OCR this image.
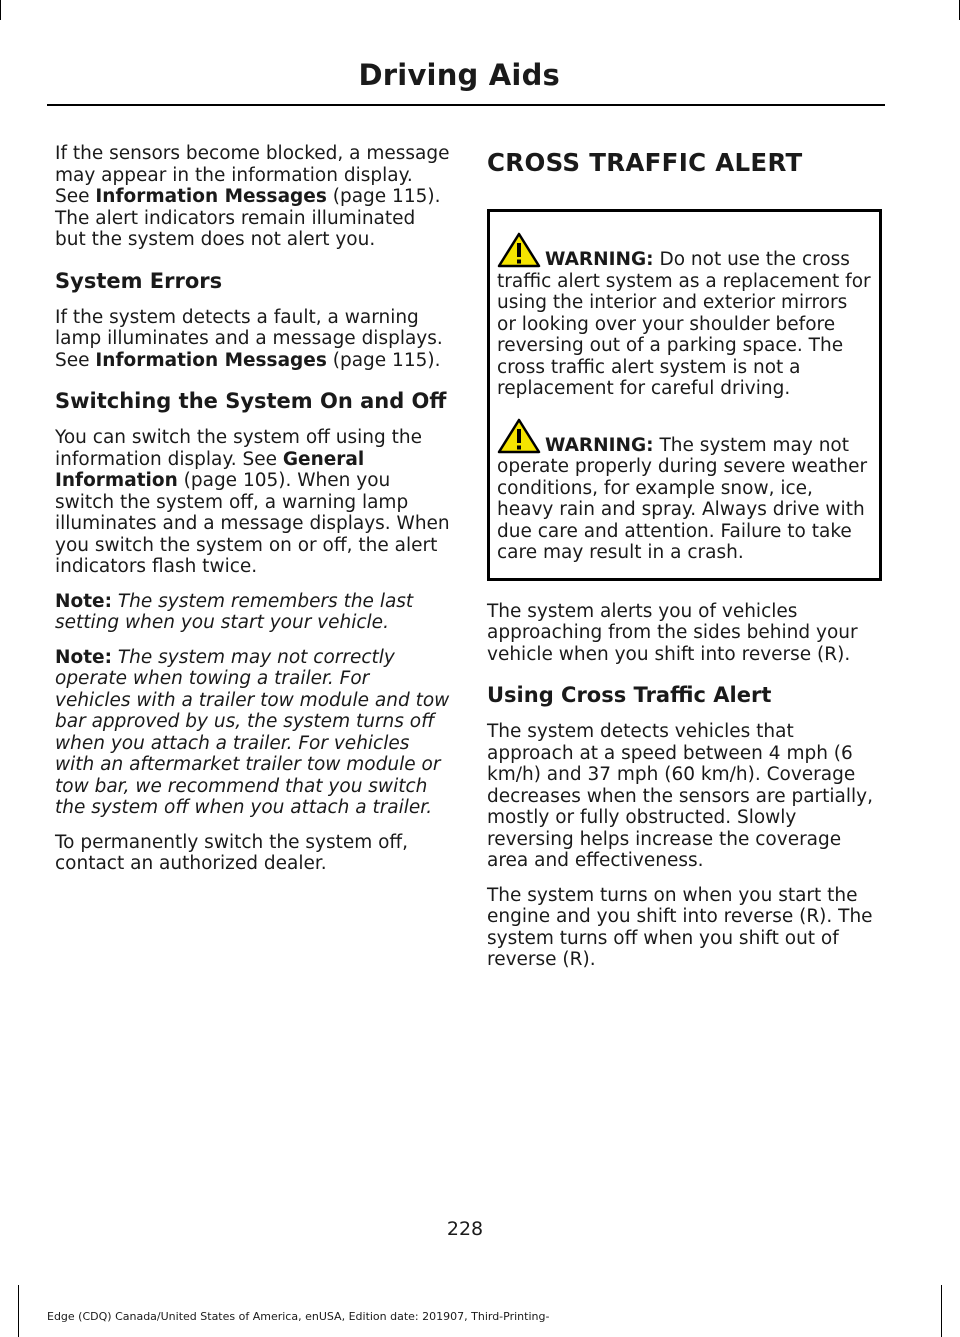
Driving Aids

If the sensors become blocked, a message may appear in the information display. See Information Messages (page 115). The alert indicators remain illuminated but the system does not alert you.

System Errors

If the system detects a fault, a warning lamp illuminates and a message displays. See Information Messages (page 115).

Switching the System On and Off

You can switch the system off using the information display. See General Information (page 105). When you switch the system off, a warning lamp illuminates and a message displays. When you switch the system on or off, the alert indicators flash twice.

Note: The system remembers the last setting when you start your vehicle.

Note: The system may not correctly operate when towing a trailer. For vehicles with a trailer tow module and tow bar approved by us, the system turns off when you attach a trailer. For vehicles with an aftermarket trailer tow module or tow bar, we recommend that you switch the system off when you attach a trailer.

To permanently switch the system off, contact an authorized dealer.

CROSS TRAFFIC ALERT

WARNING: Do not use the cross traffic alert system as a replacement for using the interior and exterior mirrors or looking over your shoulder before reversing out of a parking space. The cross traffic alert system is not a replacement for careful driving.

WARNING: The system may not operate properly during severe weather conditions, for example snow, ice, heavy rain and spray. Always drive with due care and attention. Failure to take care may result in a crash.

The system alerts you of vehicles approaching from the sides behind your vehicle when you shift into reverse (R).

Using Cross Traffic Alert

The system detects vehicles that approach at a speed between 4 mph (6 km/h) and 37 mph (60 km/h). Coverage decreases when the sensors are partially, mostly or fully obstructed. Slowly reversing helps increase the coverage area and effectiveness.

The system turns on when you start the engine and you shift into reverse (R). The system turns off when you shift out of reverse (R).

228
Edge (CDQ) Canada/United States of America, enUSA, Edition date: 201907, Third-Printing-
